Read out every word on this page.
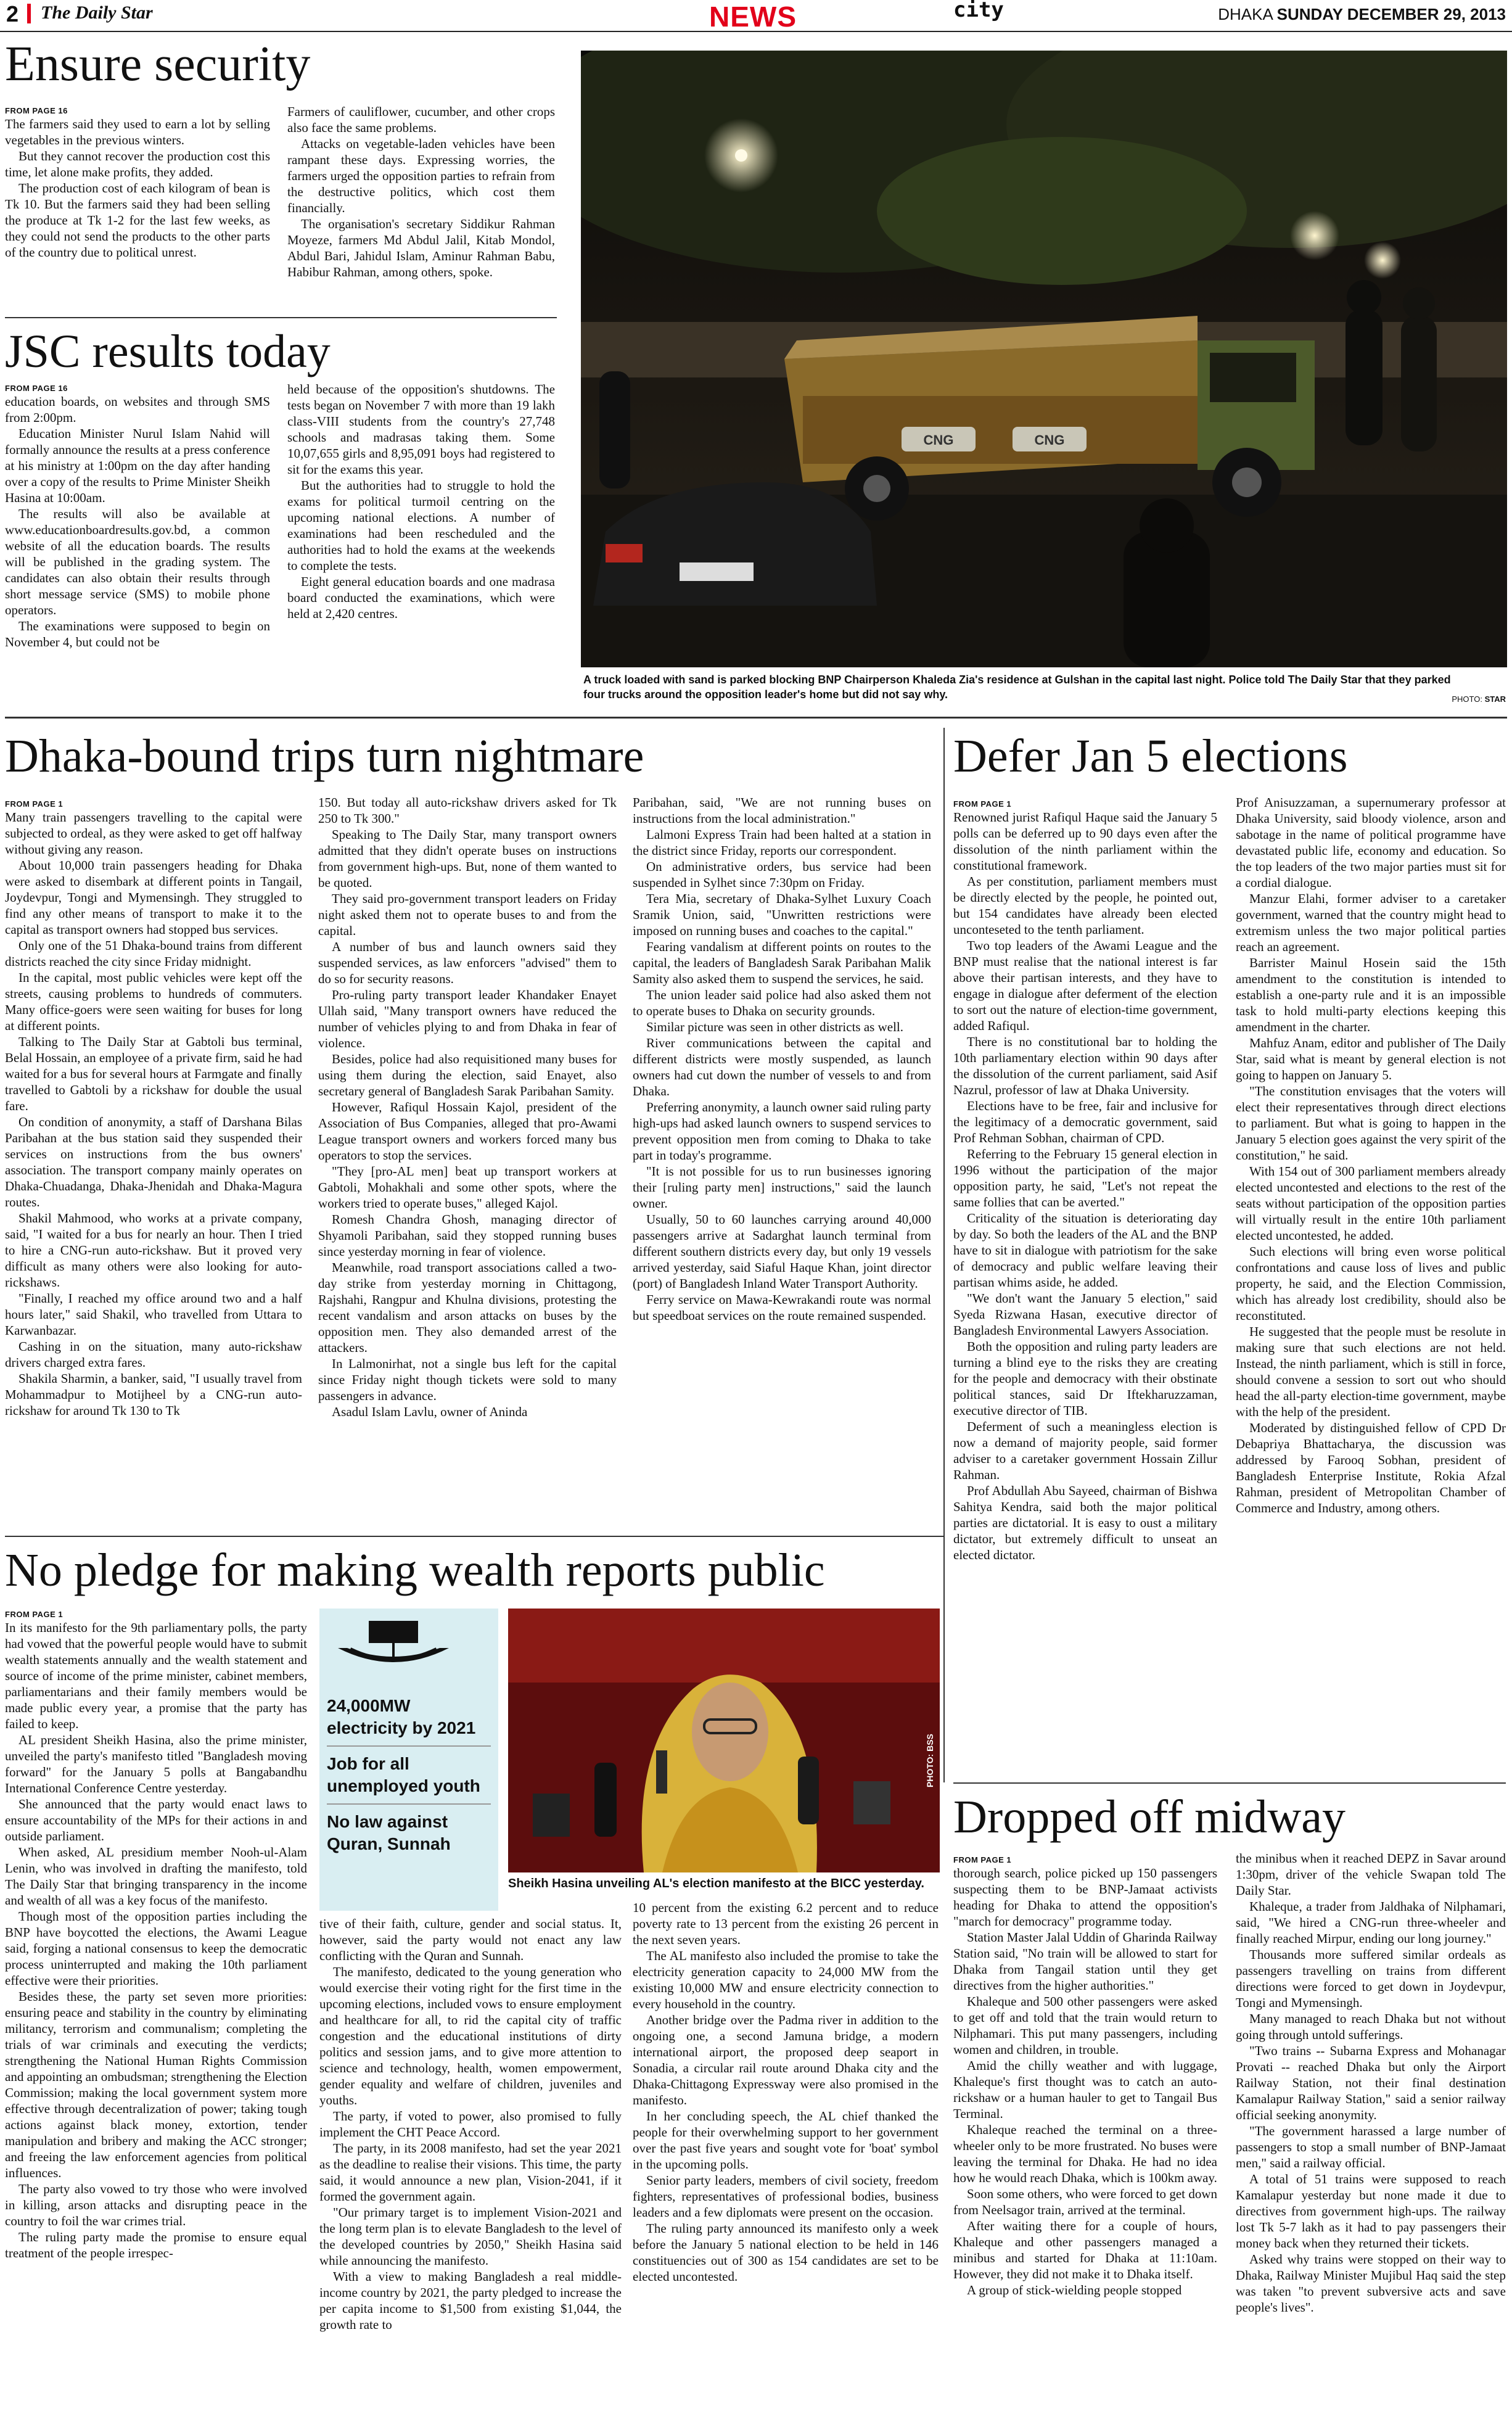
2 The Daily Star	NEWS	city	DHAKA SUNDAY DECEMBER 29, 2013
Ensure security
FROM PAGE 16

The farmers said they used to earn a lot by selling vegetables in the previous winters.

But they cannot recover the production cost this time, let alone make profits, they added.

The production cost of each kilogram of bean is Tk 10. But the farmers said they had been selling the produce at Tk 1-2 for the last few weeks, as they could not send the products to the other parts of the country due to political unrest.

Farmers of cauliflower, cucumber, and other crops also face the same problems.

Attacks on vegetable-laden vehicles have been rampant these days. Expressing worries, the farmers urged the opposition parties to refrain from the destructive politics, which cost them financially.

The organisation's secretary Siddikur Rahman Moyeze, farmers Md Abdul Jalil, Kitab Mondol, Abdul Bari, Jahidul Islam, Aminur Rahman Babu, Habibur Rahman, among others, spoke.

JSC results today
FROM PAGE 16

education boards, on websites and through SMS from 2:00pm.

Education Minister Nurul Islam Nahid will formally announce the results at a press conference at his ministry at 1:00pm on the day after handing over a copy of the results to Prime Minister Sheikh Hasina at 10:00am.

The results will also be available at www.educationboardresults.gov.bd, a common website of all the education boards. The results will be published in the grading system. The candidates can also obtain their results through short message service (SMS) to mobile phone operators.

The examinations were supposed to begin on November 4, but could not be

held because of the opposition's shutdowns. The tests began on November 7 with more than 19 lakh class-VIII students from the country's 27,748 schools and madrasas taking them. Some 10,07,655 girls and 8,95,091 boys had registered to sit for the exams this year.

But the authorities had to struggle to hold the exams for political turmoil centring on the upcoming national elections. A number of examinations had been rescheduled and the authorities had to hold the exams at the weekends to complete the tests.

Eight general education boards and one madrasa board conducted the examinations, which were held at 2,420 centres.

CNG	CNG
A truck loaded with sand is parked blocking BNP Chairperson Khaleda Zia's residence at Gulshan in the capital last night. Police told The Daily Star that they parked four trucks around the opposition leader's home but did not say why.	PHOTO: STAR
Dhaka-bound trips turn nightmare
FROM PAGE 1

Many train passengers travelling to the capital were subjected to ordeal, as they were asked to get off halfway without giving any reason.

About 10,000 train passengers heading for Dhaka were asked to disembark at different points in Tangail, Joydevpur, Tongi and Mymensingh. They struggled to find any other means of transport to make it to the capital as transport owners had stopped bus services.

Only one of the 51 Dhaka-bound trains from different districts reached the city since Friday midnight.

In the capital, most public vehicles were kept off the streets, causing problems to hundreds of commuters. Many office-goers were seen waiting for buses for long at different points.

Talking to The Daily Star at Gabtoli bus terminal, Belal Hossain, an employee of a private firm, said he had waited for a bus for several hours at Farmgate and finally travelled to Gabtoli by a rickshaw for double the usual fare.

On condition of anonymity, a staff of Darshana Bilas Paribahan at the bus station said they suspended their services on instructions from the bus owners' association. The transport company mainly operates on Dhaka-Chuadanga, Dhaka-Jhenidah and Dhaka-Magura routes.

Shakil Mahmood, who works at a private company, said, "I waited for a bus for nearly an hour. Then I tried to hire a CNG-run auto-rickshaw. But it proved very difficult as many others were also looking for auto-rickshaws.

"Finally, I reached my office around two and a half hours later," said Shakil, who travelled from Uttara to Karwanbazar.

Cashing in on the situation, many auto-rickshaw drivers charged extra fares.

Shakila Sharmin, a banker, said, "I usually travel from Mohammadpur to Motijheel by a CNG-run auto-rickshaw for around Tk 130 to Tk

150. But today all auto-rickshaw drivers asked for Tk 250 to Tk 300."

Speaking to The Daily Star, many transport owners admitted that they didn't operate buses on instructions from government high-ups. But, none of them wanted to be quoted.

They said pro-government transport leaders on Friday night asked them not to operate buses to and from the capital.

A number of bus and launch owners said they suspended services, as law enforcers "advised" them to do so for security reasons.

Pro-ruling party transport leader Khandaker Enayet Ullah said, "Many transport owners have reduced the number of vehicles plying to and from Dhaka in fear of violence.

Besides, police had also requisitioned many buses for using them during the election, said Enayet, also secretary general of Bangladesh Sarak Paribahan Samity.

However, Rafiqul Hossain Kajol, president of the Association of Bus Companies, alleged that pro-Awami League transport owners and workers forced many bus operators to stop the services.

"They [pro-AL men] beat up transport workers at Gabtoli, Mohakhali and some other spots, where the workers tried to operate buses," alleged Kajol.

Romesh Chandra Ghosh, managing director of Shyamoli Paribahan, said they stopped running buses since yesterday morning in fear of violence.

Meanwhile, road transport associations called a two-day strike from yesterday morning in Chittagong, Rajshahi, Rangpur and Khulna divisions, protesting the recent vandalism and arson attacks on buses by the opposition men. They also demanded arrest of the attackers.

In Lalmonirhat, not a single bus left for the capital since Friday night though tickets were sold to many passengers in advance.

Asadul Islam Lavlu, owner of Aninda

Paribahan, said, "We are not running buses on instructions from the local administration."

Lalmoni Express Train had been halted at a station in the district since Friday, reports our correspondent.

On administrative orders, bus service had been suspended in Sylhet since 7:30pm on Friday.

Tera Mia, secretary of Dhaka-Sylhet Luxury Coach Sramik Union, said, "Unwritten restrictions were imposed on running buses and coaches to the capital."

Fearing vandalism at different points on routes to the capital, the leaders of Bangladesh Sarak Paribahan Malik Samity also asked them to suspend the services, he said.

The union leader said police had also asked them not to operate buses to Dhaka on security grounds.

Similar picture was seen in other districts as well.

River communications between the capital and different districts were mostly suspended, as launch owners had cut down the number of vessels to and from Dhaka.

Preferring anonymity, a launch owner said ruling party high-ups had asked launch owners to suspend services to prevent opposition men from coming to Dhaka to take part in today's programme.

"It is not possible for us to run businesses ignoring their [ruling party men] instructions," said the launch owner.

Usually, 50 to 60 launches carrying around 40,000 passengers arrive at Sadarghat launch terminal from different southern districts every day, but only 19 vessels arrived yesterday, said Siaful Haque Khan, joint director (port) of Bangladesh Inland Water Transport Authority.

Ferry service on Mawa-Kewrakandi route was normal but speedboat services on the route remained suspended.

Defer Jan 5 elections
FROM PAGE 1

Renowned jurist Rafiqul Haque said the January 5 polls can be deferred up to 90 days even after the dissolution of the ninth parliament within the constitutional framework.

As per constitution, parliament members must be directly elected by the people, he pointed out, but 154 candidates have already been elected unconteseted to the tenth parliament.

Two top leaders of the Awami League and the BNP must realise that the national interest is far above their partisan interests, and they have to engage in dialogue after deferment of the election to sort out the nature of election-time government, added Rafiqul.

There is no constitutional bar to holding the 10th parliamentary election within 90 days after the dissolution of the current parliament, said Asif Nazrul, professor of law at Dhaka University.

Elections have to be free, fair and inclusive for the legitimacy of a democratic government, said Prof Rehman Sobhan, chairman of CPD.

Referring to the February 15 general election in 1996 without the participation of the major opposition party, he said, "Let's not repeat the same follies that can be averted."

Criticality of the situation is deteriorating day by day. So both the leaders of the AL and the BNP have to sit in dialogue with patriotism for the sake of democracy and public welfare leaving their partisan whims aside, he added.

"We don't want the January 5 election," said Syeda Rizwana Hasan, executive director of Bangladesh Environmental Lawyers Association.

Both the opposition and ruling party leaders are turning a blind eye to the risks they are creating for the people and democracy with their obstinate political stances, said Dr Iftekharuzzaman, executive director of TIB.

Deferment of such a meaningless election is now a demand of majority people, said former adviser to a caretaker government Hossain Zillur Rahman.

Prof Abdullah Abu Sayeed, chairman of Bishwa Sahitya Kendra, said both the major political parties are dictatorial. It is easy to oust a military dictator, but extremely difficult to unseat an elected dictator.

Prof Anisuzzaman, a supernumerary professor at Dhaka University, said bloody violence, arson and sabotage in the name of political programme have devastated public life, economy and education. So the top leaders of the two major parties must sit for a cordial dialogue.

Manzur Elahi, former adviser to a caretaker government, warned that the country might head to extremism unless the two major political parties reach an agreement.

Barrister Mainul Hosein said the 15th amendment to the constitution is intended to establish a one-party rule and it is an impossible task to hold multi-party elections keeping this amendment in the charter.

Mahfuz Anam, editor and publisher of The Daily Star, said what is meant by general election is not going to happen on January 5.

"The constitution envisages that the voters will elect their representatives through direct elections to parliament. But what is going to happen in the January 5 election goes against the very spirit of the constitution," he said.

With 154 out of 300 parliament members already elected uncontested and elections to the rest of the seats without participation of the opposition parties will virtually result in the entire 10th parliament elected uncontested, he added.

Such elections will bring even worse political confrontations and cause loss of lives and public property, he said, and the Election Commission, which has already lost credibility, should also be reconstituted.

He suggested that the people must be resolute in making sure that such elections are not held. Instead, the ninth parliament, which is still in force, should convene a session to sort out who should head the all-party election-time government, maybe with the help of the president.

Moderated by distinguished fellow of CPD Dr Debapriya Bhattacharya, the discussion was addressed by Farooq Sobhan, president of Bangladesh Enterprise Institute, Rokia Afzal Rahman, president of Metropolitan Chamber of Commerce and Industry, among others.

No pledge for making wealth reports public
FROM PAGE 1

In its manifesto for the 9th parliamentary polls, the party had vowed that the powerful people would have to submit wealth statements annually and the wealth statement and source of income of the prime minister, cabinet members, parliamentarians and their family members would be made public every year, a promise that the party has failed to keep.

AL president Sheikh Hasina, also the prime minister, unveiled the party's manifesto titled "Bangladesh moving forward" for the January 5 polls at Bangabandhu International Conference Centre yesterday.

She announced that the party would enact laws to ensure accountability of the MPs for their actions in and outside parliament.

When asked, AL presidium member Nooh-ul-Alam Lenin, who was involved in drafting the manifesto, told The Daily Star that bringing transparency in the income and wealth of all was a key focus of the manifesto.

Though most of the opposition parties including the BNP have boycotted the elections, the Awami League said, forging a national consensus to keep the democratic process uninterrupted and making the 10th parliament effective were their priorities.

Besides these, the party set seven more priorities: ensuring peace and stability in the country by eliminating militancy, terrorism and communalism; completing the trials of war criminals and executing the verdicts; strengthening the National Human Rights Commission and appointing an ombudsman; strengthening the Election Commission; making the local government system more effective through decentralization of power; taking tough actions against black money, extortion, tender manipulation and bribery and making the ACC stronger; and freeing the law enforcement agencies from political influences.

The party also vowed to try those who were involved in killing, arson attacks and disrupting peace in the country to foil the war crimes trial.

The ruling party made the promise to ensure equal treatment of the people irrespec-

24,000MW electricity by 2021
Job for all unemployed youth
No law against Quran, Sunnah
PHOTO: BSS
Sheikh Hasina unveiling AL's election manifesto at the BICC yesterday.

tive of their faith, culture, gender and social status. It, however, said the party would not enact any law conflicting with the Quran and Sunnah.

The manifesto, dedicated to the young generation who would exercise their voting right for the first time in the upcoming elections, included vows to ensure employment and healthcare for all, to rid the capital city of traffic congestion and the educational institutions of dirty politics and session jams, and to give more attention to science and technology, health, women empowerment, gender equality and welfare of children, juveniles and youths.

The party, if voted to power, also promised to fully implement the CHT Peace Accord.

The party, in its 2008 manifesto, had set the year 2021 as the deadline to realise their visions. This time, the party said, it would announce a new plan, Vision-2041, if it formed the government again.

"Our primary target is to implement Vision-2021 and the long term plan is to elevate Bangladesh to the level of the developed countries by 2050," Sheikh Hasina said while announcing the manifesto.

With a view to making Bangladesh a real middle-income country by 2021, the party pledged to increase the per capita income to $1,500 from existing $1,044, the growth rate to

10 percent from the existing 6.2 percent and to reduce poverty rate to 13 percent from the existing 26 percent in the next seven years.

The AL manifesto also included the promise to take the electricity generation capacity to 24,000 MW from the existing 10,000 MW and ensure electricity connection to every household in the country.

Another bridge over the Padma river in addition to the ongoing one, a second Jamuna bridge, a modern international airport, the proposed deep seaport in Sonadia, a circular rail route around Dhaka city and the Dhaka-Chittagong Expressway were also promised in the manifesto.

In her concluding speech, the AL chief thanked the people for their overwhelming support to her government over the past five years and sought vote for 'boat' symbol in the upcoming polls.

Senior party leaders, members of civil society, freedom fighters, representatives of professional bodies, business leaders and a few diplomats were present on the occasion.

The ruling party announced its manifesto only a week before the January 5 national election to be held in 146 constituencies out of 300 as 154 candidates are set to be elected uncontested.

Dropped off midway
FROM PAGE 1

thorough search, police picked up 150 passengers suspecting them to be BNP-Jamaat activists heading for Dhaka to attend the opposition's "march for democracy" programme today.

Station Master Jalal Uddin of Gharinda Railway Station said, "No train will be allowed to start for Dhaka from Tangail station until they get directives from the higher authorities."

Khaleque and 500 other passengers were asked to get off and told that the train would return to Nilphamari. This put many passengers, including women and children, in trouble.

Amid the chilly weather and with luggage, Khaleque's first thought was to catch an auto-rickshaw or a human hauler to get to Tangail Bus Terminal.

Khaleque reached the terminal on a three-wheeler only to be more frustrated. No buses were leaving the terminal for Dhaka. He had no idea how he would reach Dhaka, which is 100km away.

Soon some others, who were forced to get down from Neelsagor train, arrived at the terminal.

After waiting there for a couple of hours, Khaleque and other passengers managed a minibus and started for Dhaka at 11:10am. However, they did not make it to Dhaka itself.

A group of stick-wielding people stopped

the minibus when it reached DEPZ in Savar around 1:30pm, driver of the vehicle Swapan told The Daily Star.

Khaleque, a trader from Jaldhaka of Nilphamari, said, "We hired a CNG-run three-wheeler and finally reached Mirpur, ending our long journey."

Thousands more suffered similar ordeals as passengers travelling on trains from different directions were forced to get down in Joydevpur, Tongi and Mymensingh.

Many managed to reach Dhaka but not without going through untold sufferings.

"Two trains -- Subarna Express and Mohanagar Provati -- reached Dhaka but only the Airport Railway Station, not their final destination Kamalapur Railway Station," said a senior railway official seeking anonymity.

"The government harassed a large number of passengers to stop a small number of BNP-Jamaat men," said a railway official.

A total of 51 trains were supposed to reach Kamalapur yesterday but none made it due to directives from government high-ups. The railway lost Tk 5-7 lakh as it had to pay passengers their money back when they returned their tickets.

Asked why trains were stopped on their way to Dhaka, Railway Minister Mujibul Haq said the step was taken "to prevent subversive acts and save people's lives".
